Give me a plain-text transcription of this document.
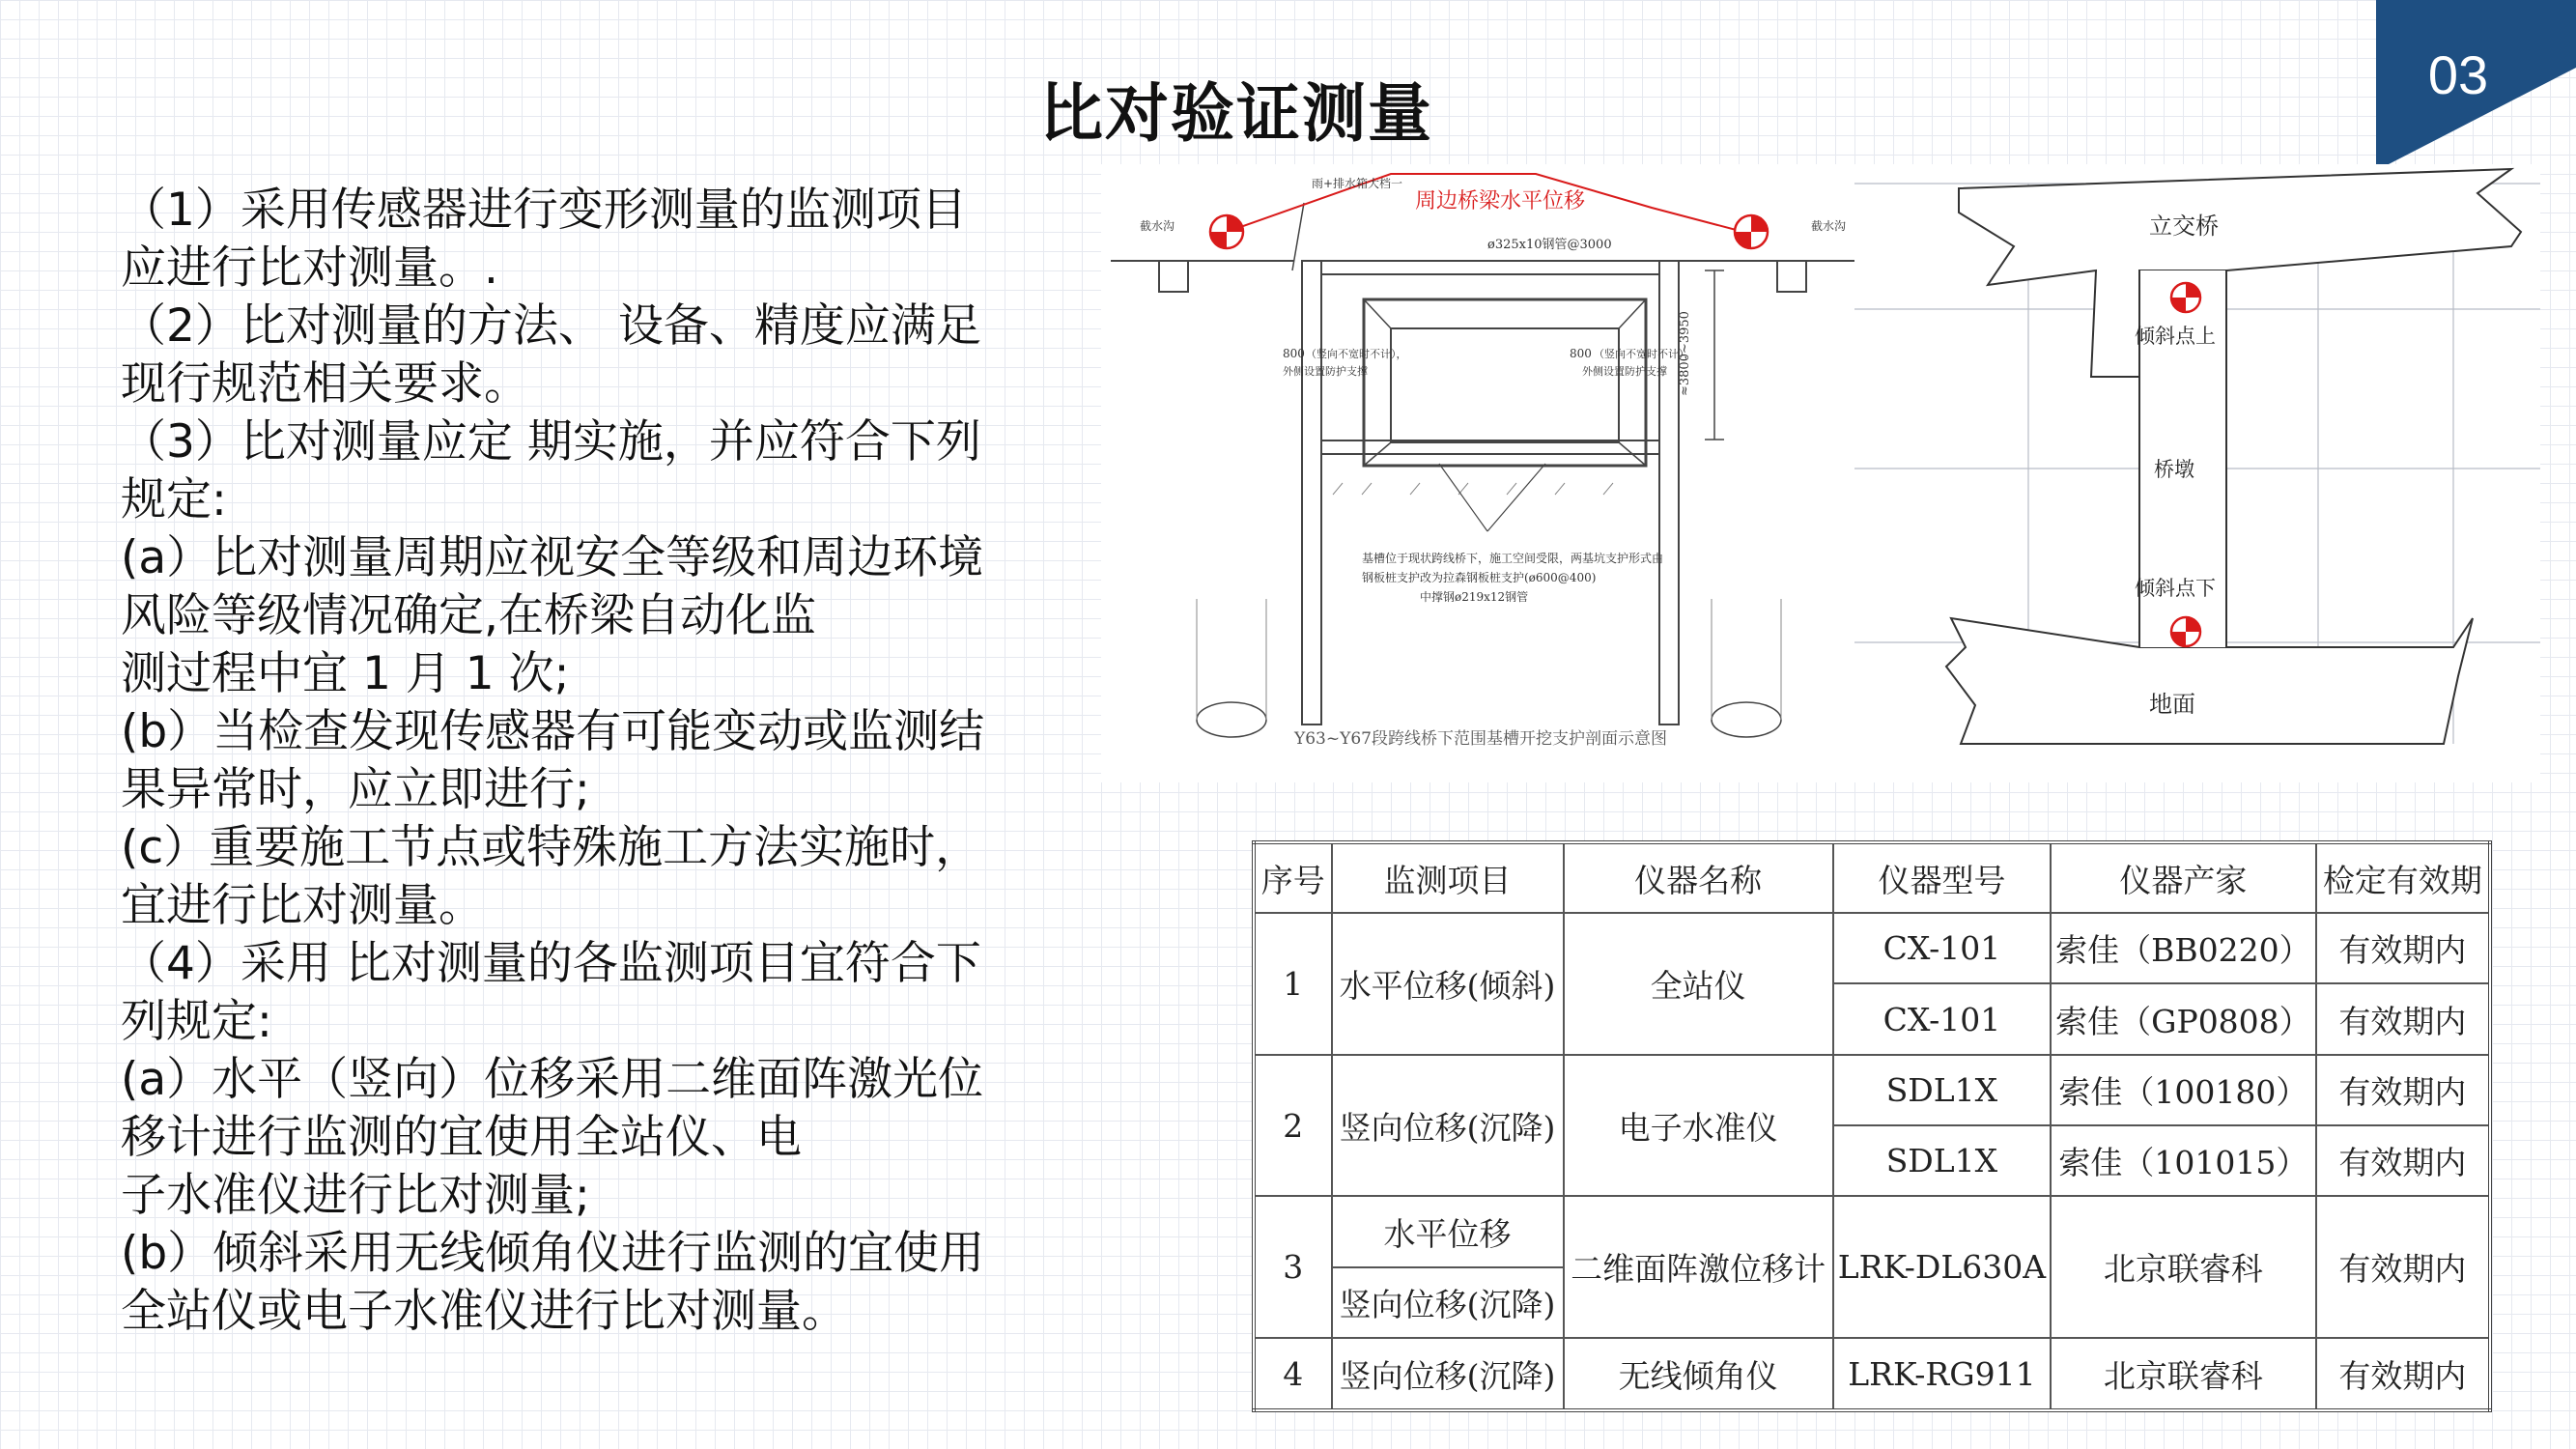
03
比对验证测量

（1）采用传感器进行变形测量的监测项目

应进行比对测量。.

（2）比对测量的方法、 设备、精度应满足

现行规范相关要求。

（3）比对测量应定 期实施，并应符合下列

规定:

(a）比对测量周期应视安全等级和周边环境

风险等级情况确定,在桥梁自动化监

测过程中宜 1 月 1 次;

(b）当检查发现传感器有可能变动或监测结

果异常时，应立即进行;

(c）重要施工节点或特殊施工方法实施时，

宜进行比对测量。

（4）采用 比对测量的各监测项目宜符合下

列规定:

(a）水平（竖向）位移采用二维面阵激光位

移计进行监测的宜使用全站仪、电

子水准仪进行比对测量;

(b）倾斜采用无线倾角仪进行监测的宜使用

全站仪或电子水准仪进行比对测量。

周边桥梁水平位移
ø325x10钢管@3000
雨+排水箱大档一
截水沟	截水沟
800 （竖向不宽时不计），
外侧设置防护支撑
800 （竖向不宽时不计），
外侧设置防护支撑 ≈3800~3950
基槽位于现状跨线桥下，施工空间受限，两基坑支护形式由
钢板桩支护改为拉森钢板桩支护(ø600@400)
中撑钢ø219x12钢管
Y63~Y67段跨线桥下范围基槽开挖支护剖面示意图
立交桥
倾斜点上
桥墩
倾斜点下
地面
序号	监测项目	仪器名称	仪器型号	仪器产家	检定有效期
1	水平位移(倾斜)	全站仪	CX-101	索佳（BB0220）	有效期内
			CX-101	索佳（GP0808）	有效期内
2	竖向位移(沉降)	电子水准仪	SDL1X	索佳（100180）	有效期内
			SDL1X	索佳（101015）	有效期内
3	水平位移	二维面阵激位移计	LRK-DL630A	北京联睿科	有效期内
	竖向位移(沉降)				
4	竖向位移(沉降)	无线倾角仪	LRK-RG911	北京联睿科	有效期内
